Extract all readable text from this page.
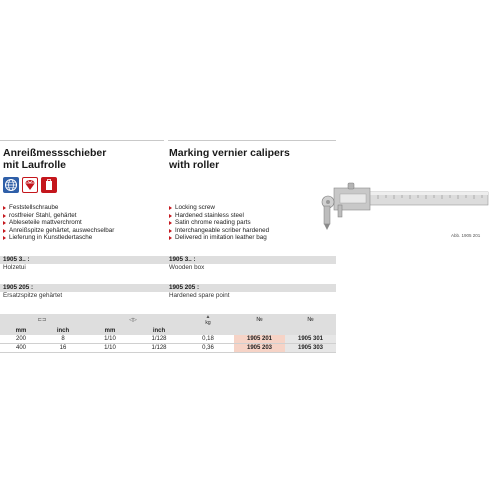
Anreißmessschieber
mit Laufrolle
Marking vernier calipers
with roller
Feststellschraube
rostfreier Stahl, gehärtet
Ableseteile mattverchromt
Anreißspitze gehärtet, auswechselbar
Lieferung in Kunstledertasche
Locking screw
Hardened stainless steel
Satin chrome reading parts
Interchangeable scriber hardened
Delivered in imitation leather bag
1905 3.. :	1905 3.. :
Holzetui	Wooden box
1905 205 :	1905 205 :
Ersatzspitze gehärtet	Hardened spare point
Abb. 1905 201
⊏⊐		◁▷		▲
kg	№	№
mm	inch	mm	inch			
200	8	1/10	1/128	0,18	1905 201	1905 301
400	16	1/10	1/128	0,36	1905 203	1905 303
